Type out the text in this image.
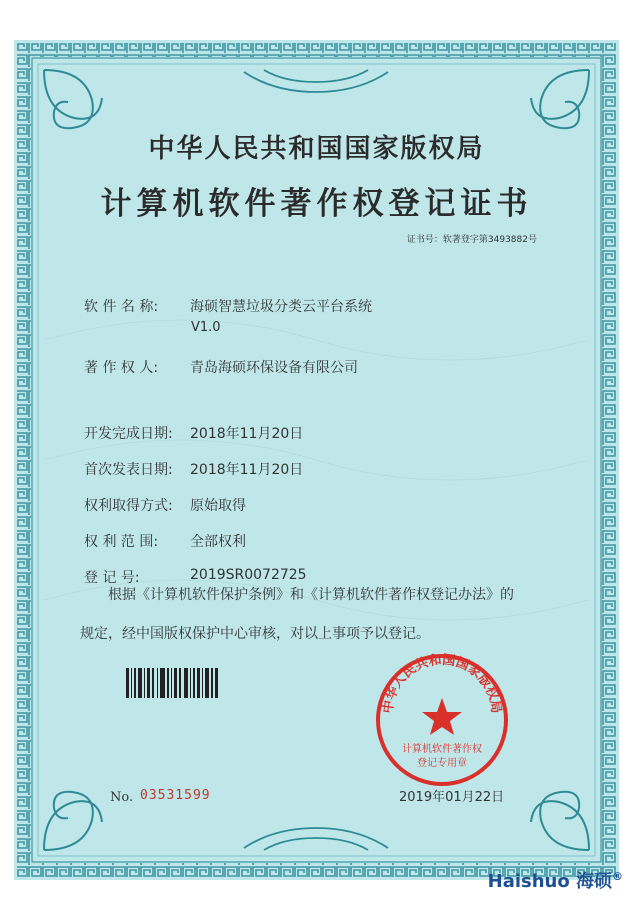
中华人民共和国国家版权局
计算机软件著作权登记证书
证书号：软著登字第3493882号
软 件 名 称:	海硕智慧垃圾分类云平台系统
V1.0
著 作 权 人:	青岛海硕环保设备有限公司
开发完成日期:	2018年11月20日
首次发表日期:	2018年11月20日
权利取得方式:	原始取得
权 利 范 围:	全部权利
登 记 号:	2019SR0072725
根据《计算机软件保护条例》和《计算机软件著作权登记办法》的
规定，经中国版权保护中心审核，对以上事项予以登记。
中华人民共和国国家版权局
计算机软件著作权
登记专用章
No. 03531599	2019年01月22日
Haishuo 海硕®
